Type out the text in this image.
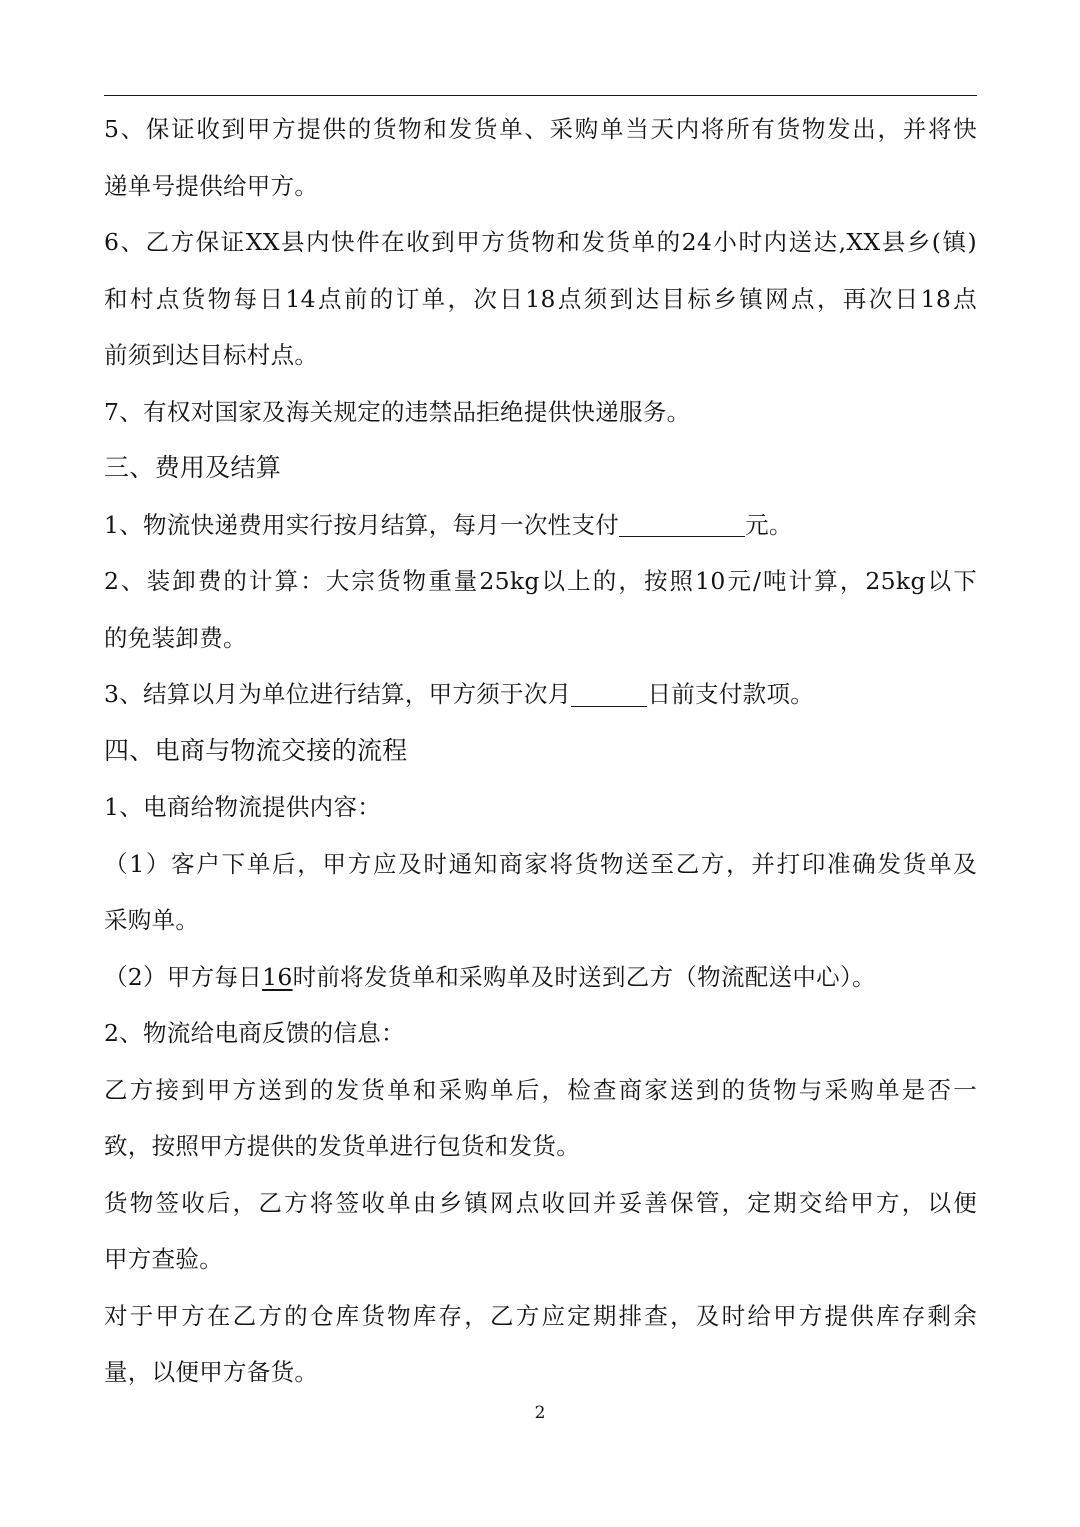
5、保证收到甲方提供的货物和发货单、采购单当天内将所有货物发出，并将快
递单号提供给甲方。
6、乙方保证XX县内快件在收到甲方货物和发货单的24小时内送达,XX县乡(镇)
和村点货物每日14点前的订单，次日18点须到达目标乡镇网点，再次日18点
前须到达目标村点。
7、有权对国家及海关规定的违禁品拒绝提供快递服务。
三、费用及结算
1、物流快递费用实行按月结算，每月一次性支付	元。
2、装卸费的计算：大宗货物重量25kg以上的，按照10元/吨计算，25kg以下
的免装卸费。
3、结算以月为单位进行结算，甲方须于次月	日前支付款项。
四、电商与物流交接的流程
1、电商给物流提供内容：
（1）客户下单后，甲方应及时通知商家将货物送至乙方，并打印准确发货单及
采购单。
（2）甲方每日16时前将发货单和采购单及时送到乙方（物流配送中心）。
2、物流给电商反馈的信息：
乙方接到甲方送到的发货单和采购单后，检查商家送到的货物与采购单是否一
致，按照甲方提供的发货单进行包货和发货。
货物签收后，乙方将签收单由乡镇网点收回并妥善保管，定期交给甲方，以便
甲方查验。
对于甲方在乙方的仓库货物库存，乙方应定期排查，及时给甲方提供库存剩余
量，以便甲方备货。
2
